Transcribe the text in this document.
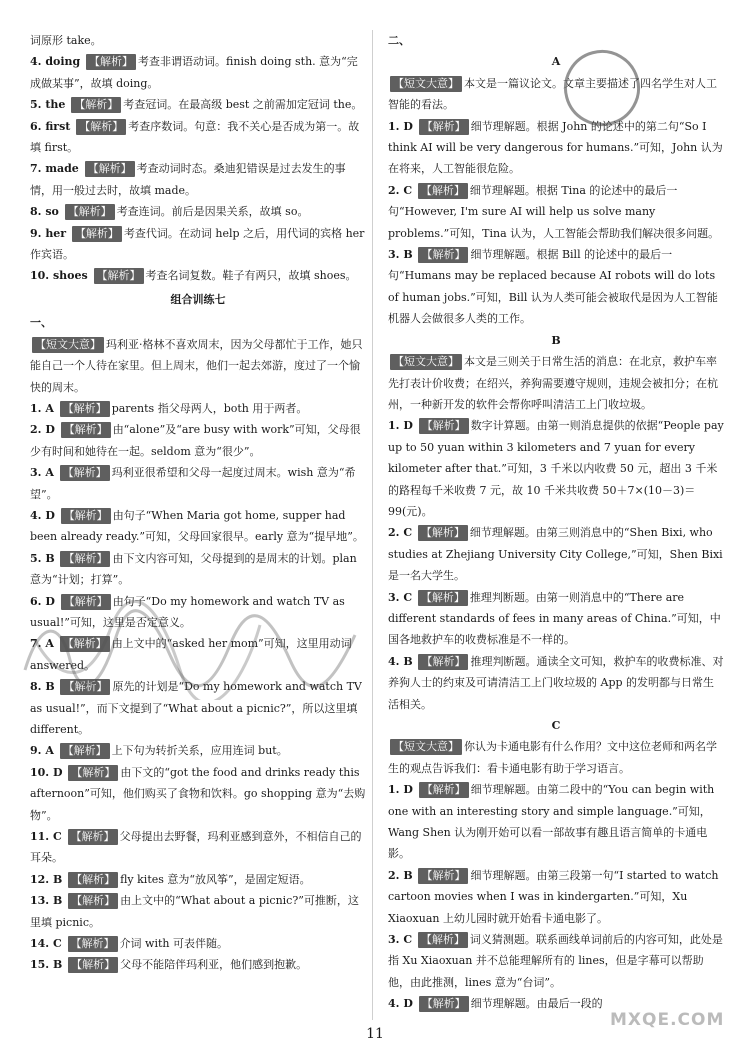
词原形 take。

4. doing 【解析】 考查非谓语动词。finish doing sth. 意为“完成做某事”，故填 doing。

5. the 【解析】 考查冠词。在最高级 best 之前需加定冠词 the。

6. first 【解析】 考查序数词。句意：我不关心是否成为第一。故填 first。

7. made 【解析】 考查动词时态。桑迪犯错误是过去发生的事情，用一般过去时，故填 made。

8. so 【解析】 考查连词。前后是因果关系，故填 so。

9. her 【解析】 考查代词。在动词 help 之后，用代词的宾格 her 作宾语。

10. shoes 【解析】 考查名词复数。鞋子有两只，故填 shoes。

组合训练七
一、

【短文大意】 玛利亚·格林不喜欢周末，因为父母都忙于工作，她只能自己一个人待在家里。但上周末，他们一起去郊游，度过了一个愉快的周末。

1. A 【解析】 parents 指父母两人，both 用于两者。

2. D 【解析】 由“alone”及“are busy with work”可知，父母很少有时间和她待在一起。seldom 意为“很少”。

3. A 【解析】 玛利亚很希望和父母一起度过周末。wish 意为“希望”。

4. D 【解析】 由句子“When Maria got home, supper had been already ready.”可知，父母回家很早。early 意为“提早地”。

5. B 【解析】 由下文内容可知，父母提到的是周末的计划。plan 意为“计划；打算”。

6. D 【解析】 由句子“Do my homework and watch TV as usual!”可知，这里是否定意义。

7. A 【解析】 由上文中的“asked her mom”可知，这里用动词 answered。

8. B 【解析】 原先的计划是“Do my homework and watch TV as usual!”，而下文提到了“What about a picnic?”，所以这里填 different。

9. A 【解析】 上下句为转折关系，应用连词 but。

10. D 【解析】 由下文的“got the food and drinks ready this afternoon”可知，他们购买了食物和饮料。go shopping 意为“去购物”。

11. C 【解析】 父母提出去野餐，玛利亚感到意外，不相信自己的耳朵。

12. B 【解析】 fly kites 意为“放风筝”，是固定短语。

13. B 【解析】 由上文中的“What about a picnic?”可推断，这里填 picnic。

14. C 【解析】 介词 with 可表伴随。

15. B 【解析】 父母不能陪伴玛利亚，他们感到抱歉。

二、
A

【短文大意】 本文是一篇议论文。文章主要描述了四名学生对人工智能的看法。

1. D 【解析】 细节理解题。根据 John 的论述中的第二句“So I think AI will be very dangerous for humans.”可知，John 认为在将来，人工智能很危险。

2. C 【解析】 细节理解题。根据 Tina 的论述中的最后一句“However, I'm sure AI will help us solve many problems.”可知，Tina 认为，人工智能会帮助我们解决很多问题。

3. B 【解析】 细节理解题。根据 Bill 的论述中的最后一句“Humans may be replaced because AI robots will do lots of human jobs.”可知，Bill 认为人类可能会被取代是因为人工智能机器人会做很多人类的工作。

B

【短文大意】 本文是三则关于日常生活的消息：在北京，救护车率先打表计价收费；在绍兴，养狗需要遵守规则，违规会被扣分；在杭州，一种新开发的软件会帮你呼叫清洁工上门收垃圾。

1. D 【解析】 数字计算题。由第一则消息提供的依据“People pay up to 50 yuan within 3 kilometers and 7 yuan for every kilometer after that.”可知，3 千米以内收费 50 元，超出 3 千米的路程每千米收费 7 元，故 10 千米共收费 50＋7×(10－3)＝99(元)。

2. C 【解析】 细节理解题。由第三则消息中的“Shen Bixi, who studies at Zhejiang University City College,”可知，Shen Bixi 是一名大学生。

3. C 【解析】 推理判断题。由第一则消息中的“There are different standards of fees in many areas of China.”可知，中国各地救护车的收费标准是不一样的。

4. B 【解析】 推理判断题。通读全文可知，救护车的收费标准、对养狗人士的约束及可请清洁工上门收垃圾的 App 的发明都与日常生活相关。

C

【短文大意】 你认为卡通电影有什么作用？文中这位老师和两名学生的观点告诉我们：看卡通电影有助于学习语言。

1. D 【解析】 细节理解题。由第二段中的“You can begin with one with an interesting story and simple language.”可知，Wang Shen 认为刚开始可以看一部故事有趣且语言简单的卡通电影。

2. B 【解析】 细节理解题。由第三段第一句“I started to watch cartoon movies when I was in kindergarten.”可知，Xu Xiaoxuan 上幼儿园时就开始看卡通电影了。

3. C 【解析】 词义猜测题。联系画线单词前后的内容可知，此处是指 Xu Xiaoxuan 并不总能理解所有的 lines，但是字幕可以帮助他，由此推测，lines 意为“台词”。

4. D 【解析】 细节理解题。由最后一段的

11
MXQE.COM
